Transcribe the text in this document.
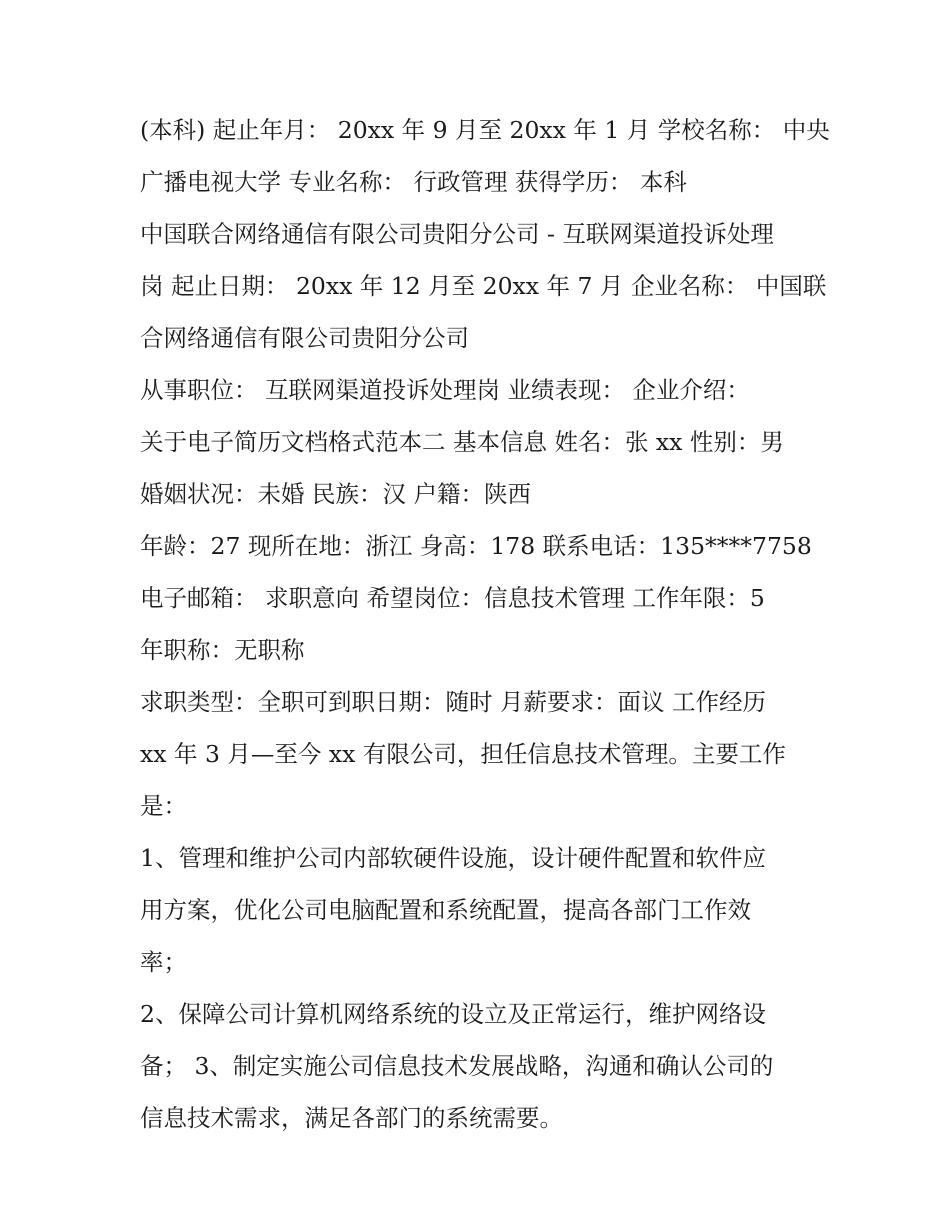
(本科) 起止年月： 20xx 年 9 月至 20xx 年 1 月 学校名称： 中央
广播电视大学 专业名称： 行政管理 获得学历： 本科
中国联合网络通信有限公司贵阳分公司 - 互联网渠道投诉处理
岗 起止日期： 20xx 年 12 月至 20xx 年 7 月 企业名称： 中国联
合网络通信有限公司贵阳分公司
从事职位： 互联网渠道投诉处理岗 业绩表现： 企业介绍：
关于电子简历文档格式范本二 基本信息 姓名：张 xx 性别：男
婚姻状况：未婚 民族：汉 户籍：陕西
年龄：27 现所在地：浙江 身高：178 联系电话：135****7758
电子邮箱： 求职意向 希望岗位：信息技术管理 工作年限：5
年职称：无职称
求职类型：全职可到职日期：随时 月薪要求：面议 工作经历
xx 年 3 月—至今 xx 有限公司，担任信息技术管理。主要工作
是：
1、管理和维护公司内部软硬件设施，设计硬件配置和软件应
用方案，优化公司电脑配置和系统配置，提高各部门工作效
率；
2、保障公司计算机网络系统的设立及正常运行，维护网络设
备； 3、制定实施公司信息技术发展战略，沟通和确认公司的
信息技术需求，满足各部门的系统需要。
